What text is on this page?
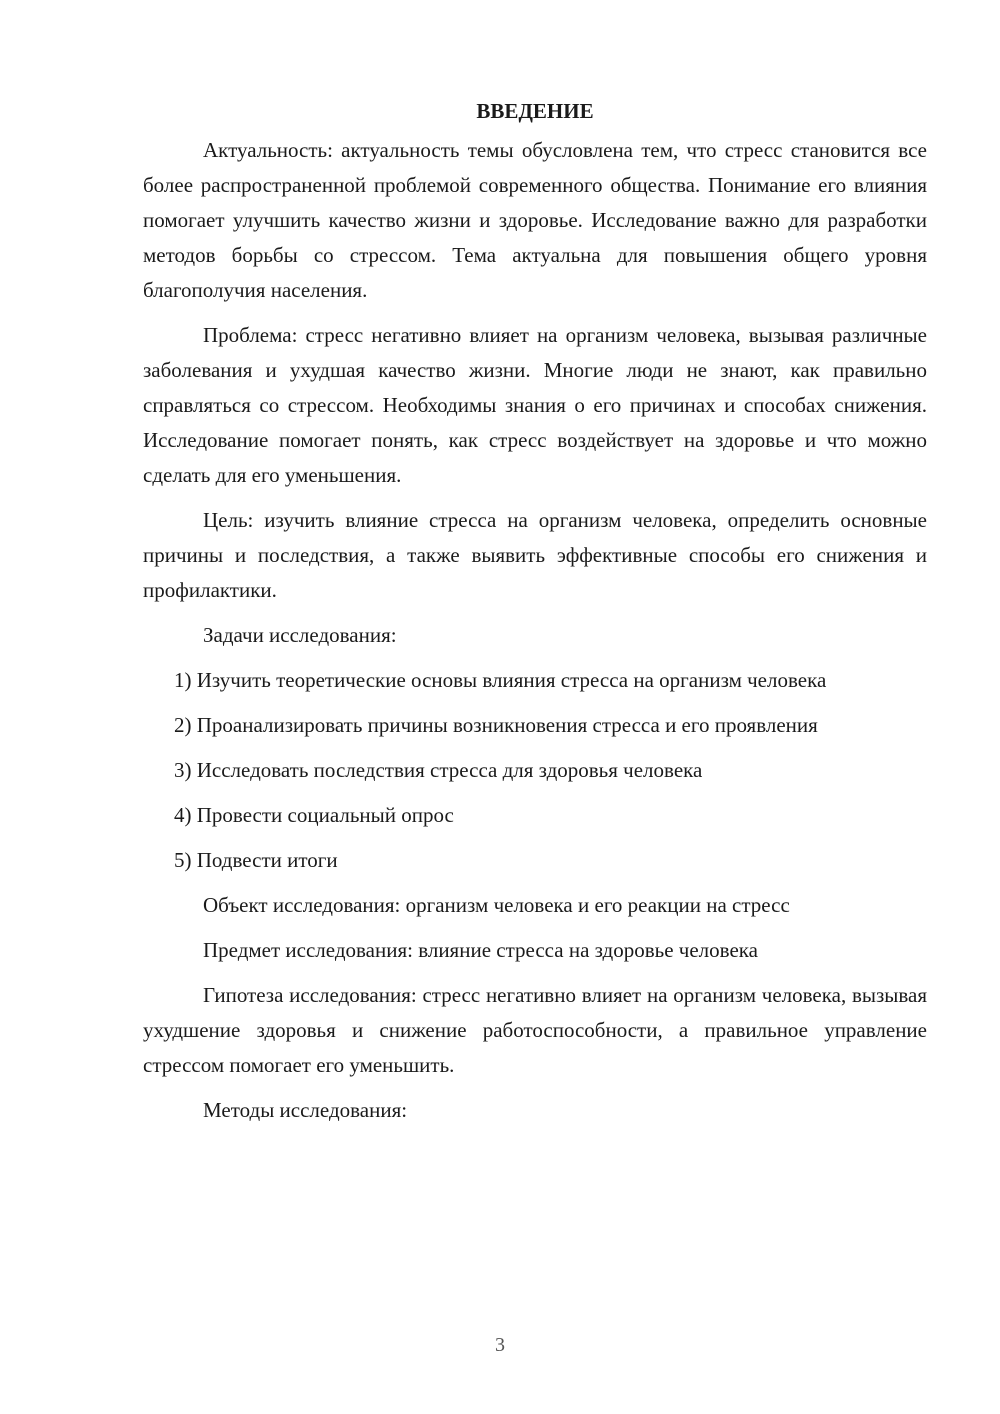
ВВЕДЕНИЕ

Актуальность: актуальность темы обусловлена тем, что стресс становится все более распространенной проблемой современного общества. Понимание его влияния помогает улучшить качество жизни и здоровье. Исследование важно для разработки методов борьбы со стрессом. Тема актуальна для повышения общего уровня благополучия населения.

Проблема: стресс негативно влияет на организм человека, вызывая различные заболевания и ухудшая качество жизни. Многие люди не знают, как правильно справляться со стрессом. Необходимы знания о его причинах и способах снижения. Исследование помогает понять, как стресс воздействует на здоровье и что можно сделать для его уменьшения.

Цель: изучить влияние стресса на организм человека, определить основные причины и последствия, а также выявить эффективные способы его снижения и профилактики.

Задачи исследования:

1) Изучить теоретические основы влияния стресса на организм человека

2) Проанализировать причины возникновения стресса и его проявления

3) Исследовать последствия стресса для здоровья человека

4) Провести социальный опрос

5) Подвести итоги

Объект исследования: организм человека и его реакции на стресс

Предмет исследования: влияние стресса на здоровье человека

Гипотеза исследования: стресс негативно влияет на организм человека, вызывая ухудшение здоровья и снижение работоспособности, а правильное управление стрессом помогает его уменьшить.

Методы исследования:

3
